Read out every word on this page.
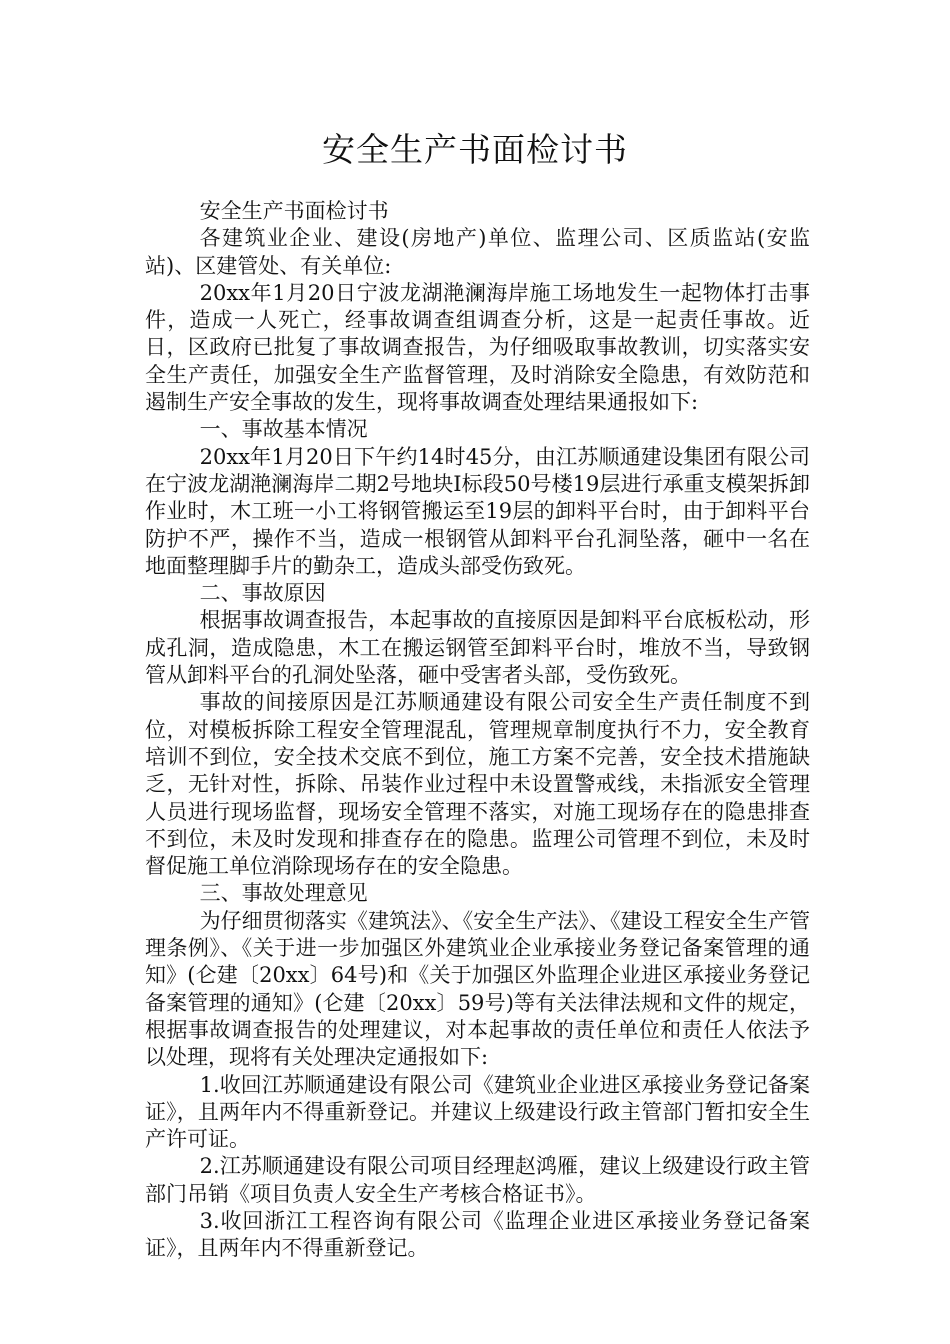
安全生产书面检讨书

安全生产书面检讨书

各建筑业企业、建设(房地产)单位、监理公司、区质监站(安监站)、区建管处、有关单位:

20xx年1月20日宁波龙湖滟澜海岸施工场地发生一起物体打击事件，造成一人死亡，经事故调查组调查分析，这是一起责任事故。近日，区政府已批复了事故调查报告，为仔细吸取事故教训，切实落实安全生产责任，加强安全生产监督管理，及时消除安全隐患，有效防范和遏制生产安全事故的发生，现将事故调查处理结果通报如下:

一、事故基本情况

20xx年1月20日下午约14时45分，由江苏顺通建设集团有限公司在宁波龙湖滟澜海岸二期2号地块I标段50号楼19层进行承重支模架拆卸作业时，木工班一小工将钢管搬运至19层的卸料平台时，由于卸料平台防护不严，操作不当，造成一根钢管从卸料平台孔洞坠落，砸中一名在地面整理脚手片的勤杂工，造成头部受伤致死。

二、事故原因

根据事故调查报告，本起事故的直接原因是卸料平台底板松动，形成孔洞，造成隐患，木工在搬运钢管至卸料平台时，堆放不当，导致钢管从卸料平台的孔洞处坠落，砸中受害者头部，受伤致死。

事故的间接原因是江苏顺通建设有限公司安全生产责任制度不到位，对模板拆除工程安全管理混乱，管理规章制度执行不力，安全教育培训不到位，安全技术交底不到位，施工方案不完善，安全技术措施缺乏，无针对性，拆除、吊装作业过程中未设置警戒线，未指派安全管理人员进行现场监督，现场安全管理不落实，对施工现场存在的隐患排查不到位，未及时发现和排查存在的隐患。监理公司管理不到位，未及时督促施工单位消除现场存在的安全隐患。

三、事故处理意见

为仔细贯彻落实《建筑法》、《安全生产法》、《建设工程安全生产管理条例》、《关于进一步加强区外建筑业企业承接业务登记备案管理的通知》(仑建〔20xx〕64号)和《关于加强区外监理企业进区承接业务登记备案管理的通知》(仑建〔20xx〕59号)等有关法律法规和文件的规定，根据事故调查报告的处理建议，对本起事故的责任单位和责任人依法予以处理，现将有关处理决定通报如下:

1.收回江苏顺通建设有限公司《建筑业企业进区承接业务登记备案证》，且两年内不得重新登记。并建议上级建设行政主管部门暂扣安全生产许可证。

2.江苏顺通建设有限公司项目经理赵鸿雁，建议上级建设行政主管部门吊销《项目负责人安全生产考核合格证书》。

3.收回浙江工程咨询有限公司《监理企业进区承接业务登记备案证》，且两年内不得重新登记。
